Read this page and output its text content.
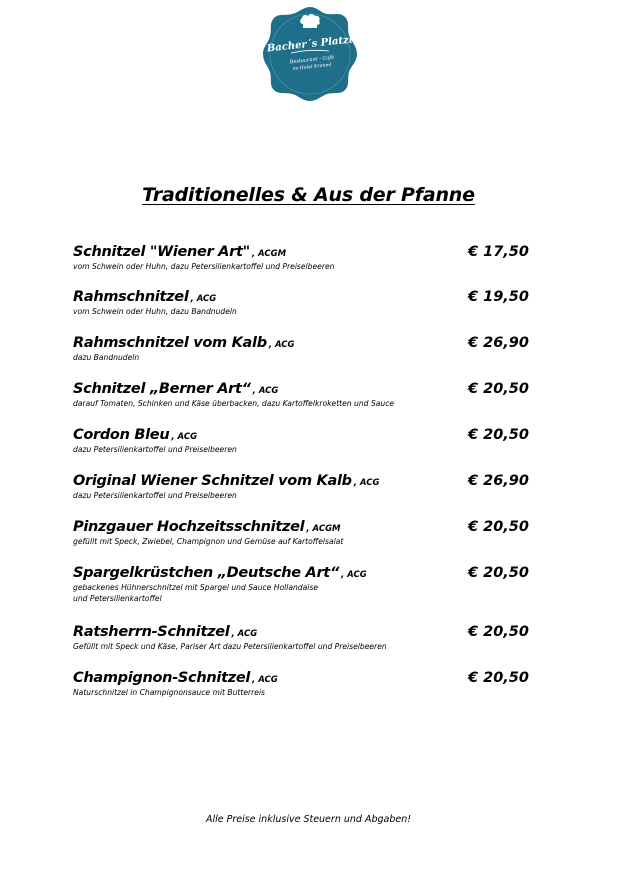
Bacher´s Platzl
Restaurant - Café
im Hotel Krimml
Traditionelles & Aus der Pfanne
Schnitzel "Wiener Art" , ACGM	€ 17,50
vom Schwein oder Huhn, dazu Petersilienkartoffel und Preiselbeeren
Rahmschnitzel , ACG	€ 19,50
vom Schwein oder Huhn, dazu Bandnudeln
Rahmschnitzel vom Kalb , ACG	€ 26,90
dazu Bandnudeln
Schnitzel „Berner Art“ , ACG	€ 20,50
darauf Tomaten, Schinken und Käse überbacken, dazu Kartoffelkroketten und Sauce
Cordon Bleu , ACG	€ 20,50
dazu Petersilienkartoffel und Preiselbeeren
Original Wiener Schnitzel vom Kalb , ACG	€ 26,90
dazu Petersilienkartoffel und Preiselbeeren
Pinzgauer Hochzeitsschnitzel , ACGM	€ 20,50
gefüllt mit Speck, Zwiebel, Champignon und Gemüse auf Kartoffelsalat
Spargelkrüstchen „Deutsche Art“ , ACG	€ 20,50
gebackenes Hühnerschnitzel mit Spargel und Sauce Hollandaise
und Petersilienkartoffel
Ratsherrn-Schnitzel , ACG	€ 20,50
Gefüllt mit Speck und Käse, Pariser Art dazu Petersilienkartoffel und Preiselbeeren
Champignon-Schnitzel , ACG	€ 20,50
Naturschnitzel in Champignonsauce mit Butterreis
Alle Preise inklusive Steuern und Abgaben!
